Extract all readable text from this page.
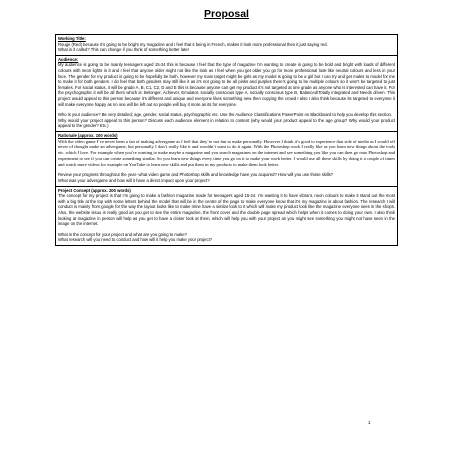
Proposal
Working Title:
Rouge (Red) because it’s going to be bright my magazine and I feel that it being in French, makes it look more professional then it just saying red.
What is it called? This can change if you think of something better later
Audience:
My audience is going to be mainly teenagers aged 15-24 this is because I feel that the type of magazine I’m wanting to create is going to be bold and bright with loads of different colours with neon lights in it and I feel that anyone older might not like the look as I feel when you get older you go for more professional look like neutral colours and less in your face. The gender for my product is going to be hopefully be both, however my main target might be girls as my model is going to be a girl but I can try and get males to model for me to make it for both genders. I do feel that both genders may still like it as it’s not going to be all pinks and purples there’s going to be multiple colours so it won’t be targeted to just females. For social status, it will be grade A, B, C1, C2, D and E this is because anyone can get my product it’s not targeted at one grade as anyone who is interested can have it. For the psychographic it will be all them which is: Belonger, Achiever, Emulator, socially conscious type A, socially conscious type B, Balanced/Totally integrated and Needs driven. This project would appeal to this person because it’s different and unique and everyone likes something new then copying the crowd I also I also think because its targeted to everyone it will make everyone happy as no one will be left out so people will buy it more as its for everyone.
Who is your audience? Be very detailed; age, gender, social status, psychographic etc. Use the Audience Classifications PowerPoint on Blackboard to help you develop this section.
Why would your project appeal to this person? Discuss each audience element in relation to content (why would your product appeal to the age group? Why would your product appeal to the gender? Etc.)
Rationale (approx. 100 words)
With the video game I’ve never been a fan of making advergame as I feel that they’re not fun to make personally. However I think it’s good to experience that side of media as I would off never of thought make an advergame, but personally I don’t really like it and wouldn’t want to do it again. With the Photoshop work I really like as you learn new things about the tools etc. which I love. For example when you’re wanting to make maybe a magazine and you search magazines on the internet and see something you like you can then go onto Photoshop and experiment to see if you can create something similar. So you learn new things every time you go on it to make your work better. I would use all these skills by doing it a couple of times and watch more videos for example on YouTube to learn new skills and put them in my products to make them look better.
Review your progress throughout the year- what video game and Photoshop skills and knowledge have you acquired? How will you use those skills?
What was your advergame and how will it have a direct impact upon your project?
Project Concept (approx. 200 words)
The concept for my project is that I’m going to make a fashion magazine made for teenagers aged 15-24. I’m wanting it to have vibrant, neon colours to make it stand out the most with a big title at the top with some letters behind the model that will be in the centre of the page to make everyone know that it’s my magazine is about fashion. The research I will conduct is mainly from google for the way the layout looks like to make mine have a similar look to it which will make my product look like the magazine everyone sees in the shops. Also, the website issuu is really good as you get to see the entire magazine, the front cover and the double page spread which helps when it comes to doing your own. I also think looking at magazine in person will help as you get to have a closer look at them, which will help you with your project as you might see something you might not have seen in the image on the internet.
What is the concept for your project and what are you going to make?
What research will you need to conduct and how will it help you make your project?
1
